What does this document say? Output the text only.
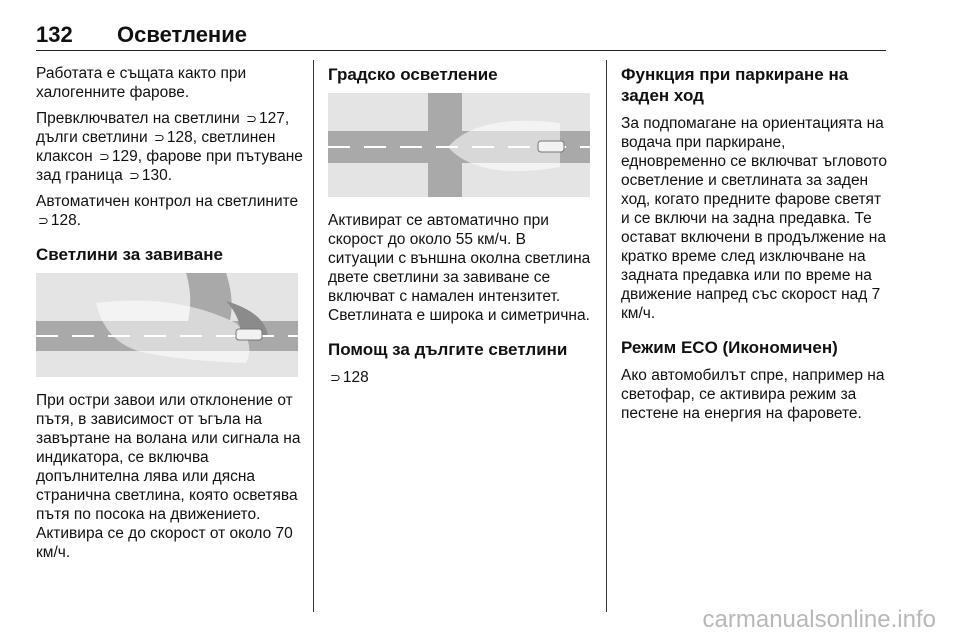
132 Осветление

Работата е същата както при халогенните фарове.

Превключвател на светлини ⊃ 127, дълги светлини ⊃ 128, светлинен клаксон ⊃ 129, фарове при пътуване зад граница ⊃ 130.

Автоматичен контрол на светлините ⊃ 128.

Светлини за завиване

При остри завои или отклонение от пътя, в зависимост от ъгъла на завъртане на волана или сигнала на индикатора, се включва допълнителна лява или дясна странична светлина, която осветява пътя по посока на движението. Активира се до скорост от около 70 км/ч.

Градско осветление

Активират се автоматично при скорост до около 55 км/ч. В ситуации с външна околна светлина двете светлини за завиване се включват с намален интензитет. Светлината е широка и симетрична.

Помощ за дългите светлини

⊃ 128

Функция при паркиране на заден ход

За подпомагане на ориентацията на водача при паркиране, едновременно се включват ъгловото осветление и светлината за заден ход, когато предните фарове светят и се включи на задна предавка. Те остават включени в продължение на кратко време след изключване на задната предавка или по време на движение напред със скорост над 7 км/ч.

Режим ECO (Икономичен)

Ако автомобилът спре, например на светофар, се активира режим за пестене на енергия на фаровете.

carmanualsonline.info
